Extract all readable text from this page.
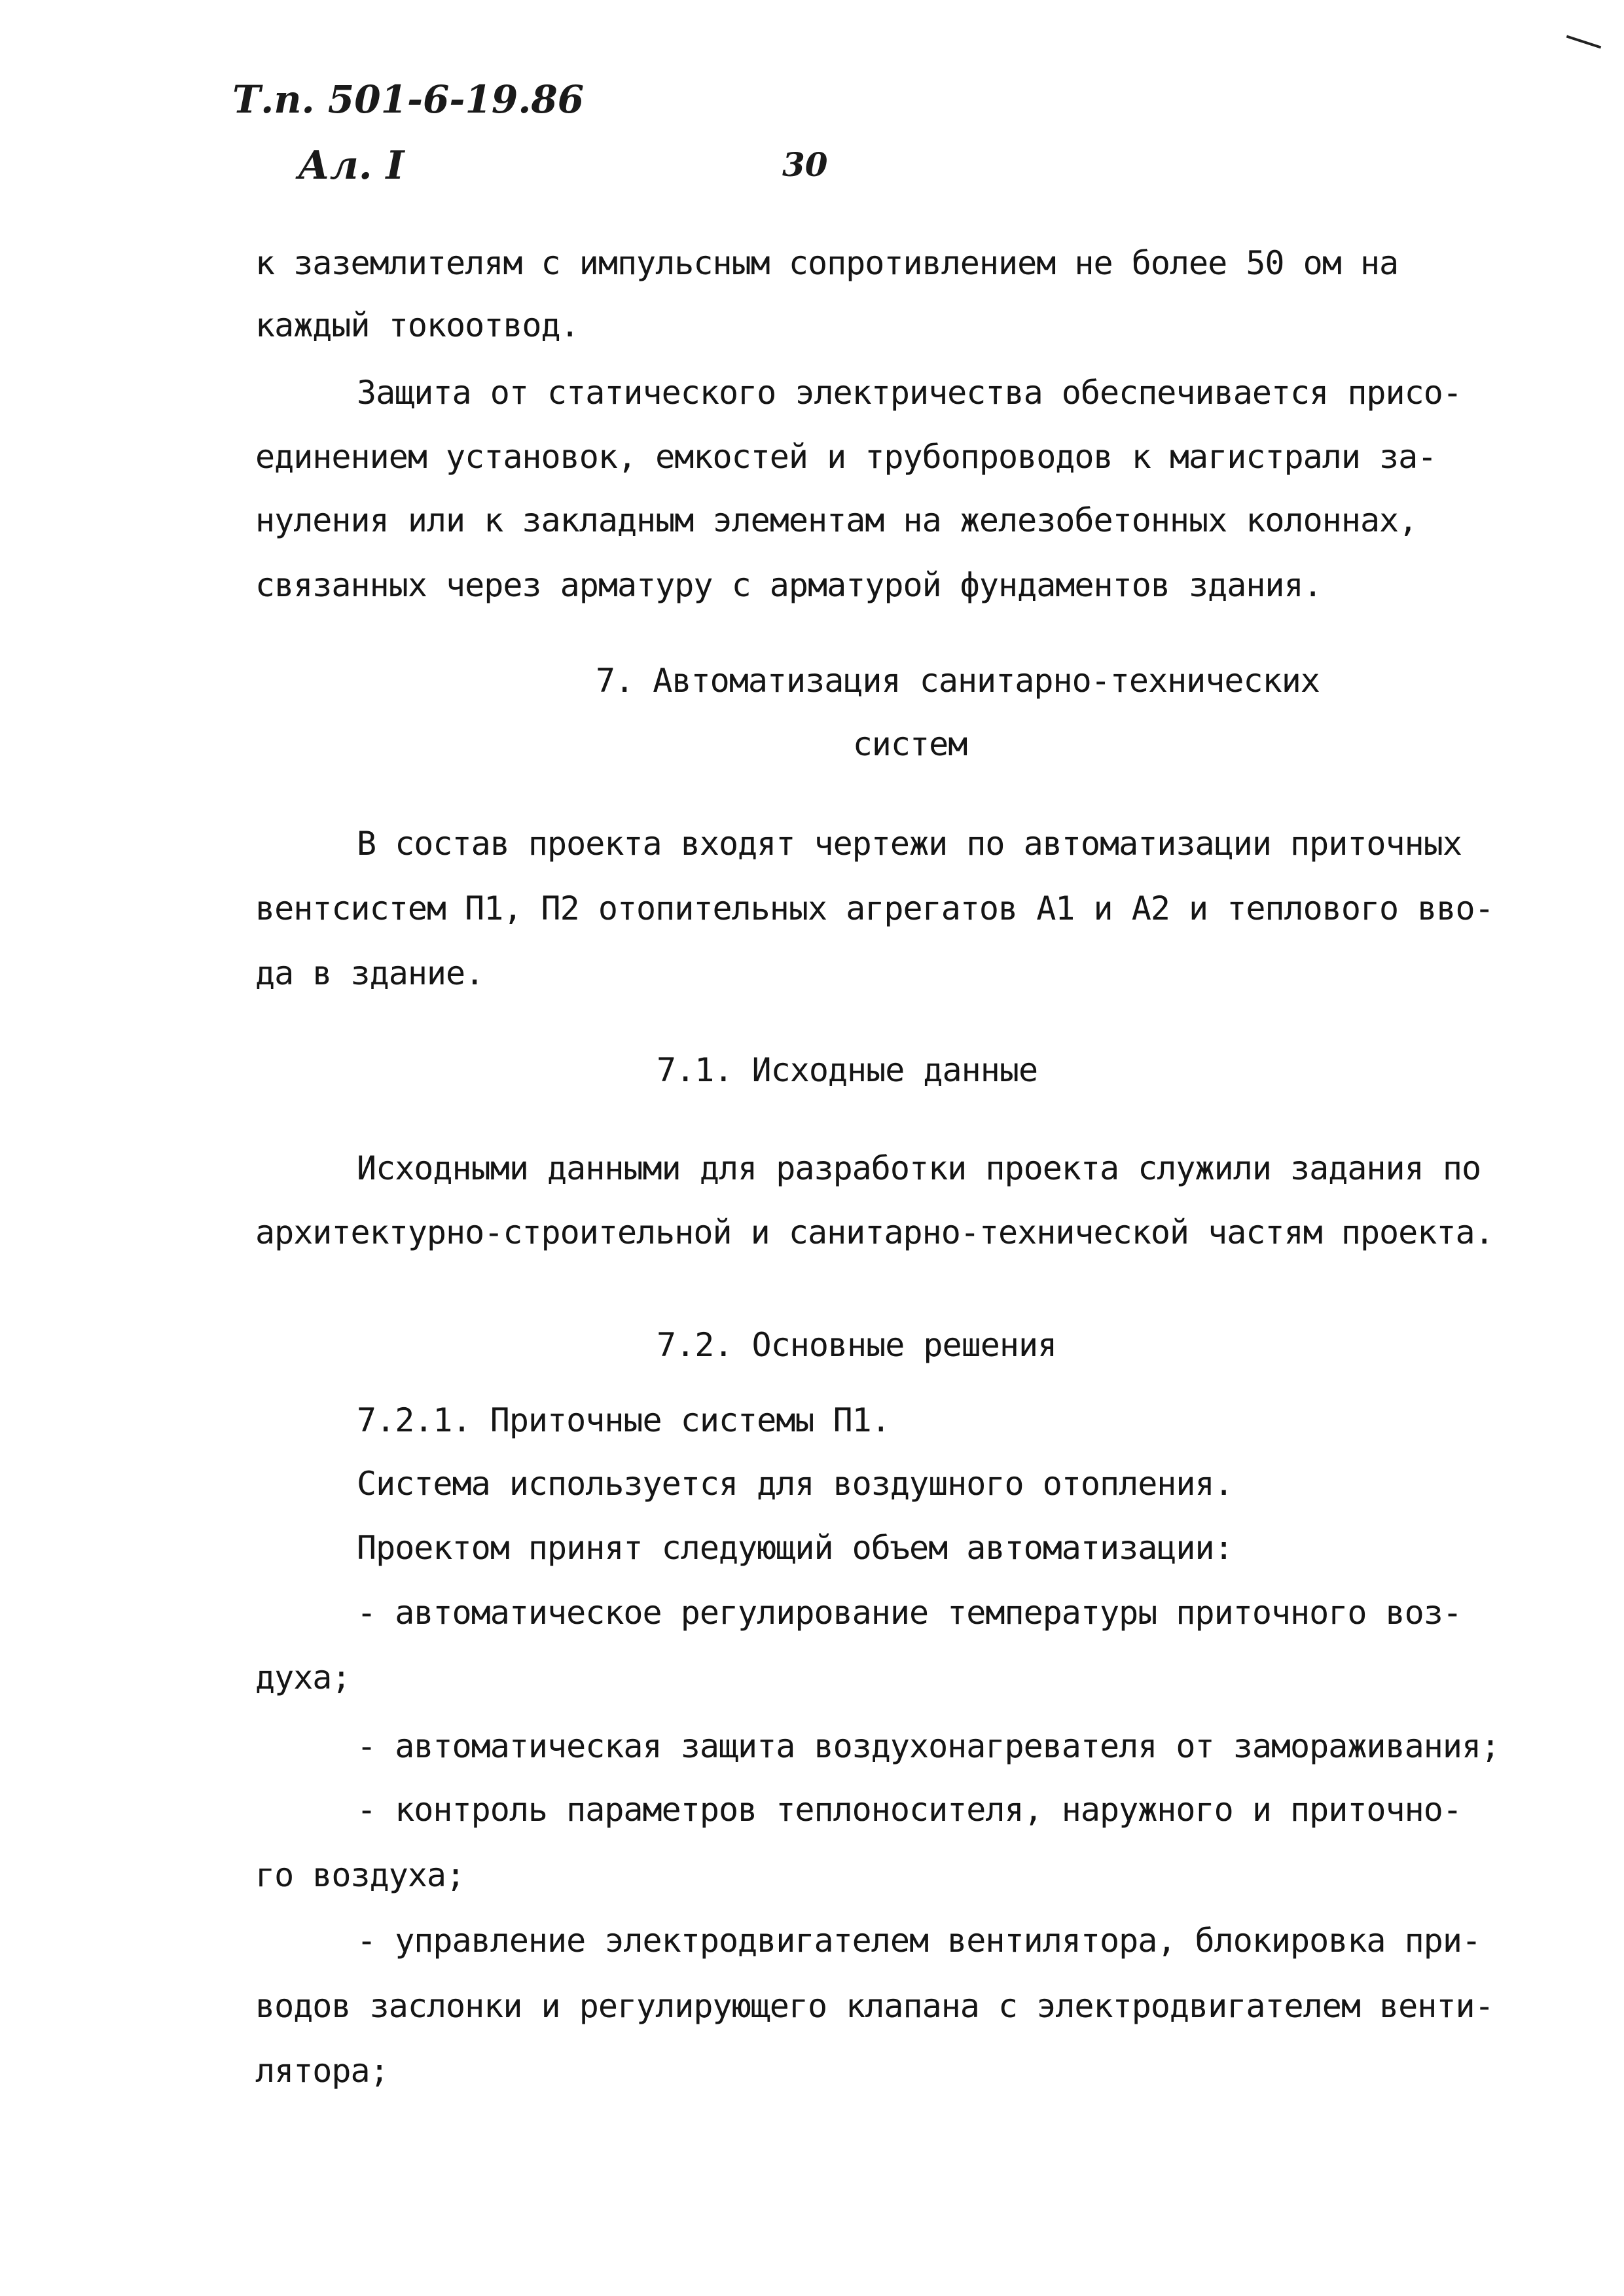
Т.п. 501-6-19.86
Ал. I	30
к заземлителям с импульсным сопротивлением не более 50 ом на
каждый токоотвод.
Защита от статического электричества обеспечивается присо-
единением установок, емкостей и трубопроводов к магистрали за-
нуления или к закладным элементам на железобетонных колоннах,
связанных через арматуру с арматурой фундаментов здания.
7. Автоматизация санитарно-технических
систем
В состав проекта входят чертежи по автоматизации приточных
вентсистем П1, П2 отопительных агрегатов А1 и А2 и теплового вво-
да в здание.
7.1. Исходные данные
Исходными данными для разработки проекта служили задания по
архитектурно-строительной и санитарно-технической частям проекта.
7.2. Основные решения
7.2.1. Приточные системы П1.
Система используется для воздушного отопления.
Проектом принят следующий объем автоматизации:
- автоматическое регулирование температуры приточного воз-
духа;
- автоматическая защита воздухонагревателя от замораживания;
- контроль параметров теплоносителя, наружного и приточно-
го воздуха;
- управление электродвигателем вентилятора, блокировка при-
водов заслонки и регулирующего клапана с электродвигателем венти-
лятора;
